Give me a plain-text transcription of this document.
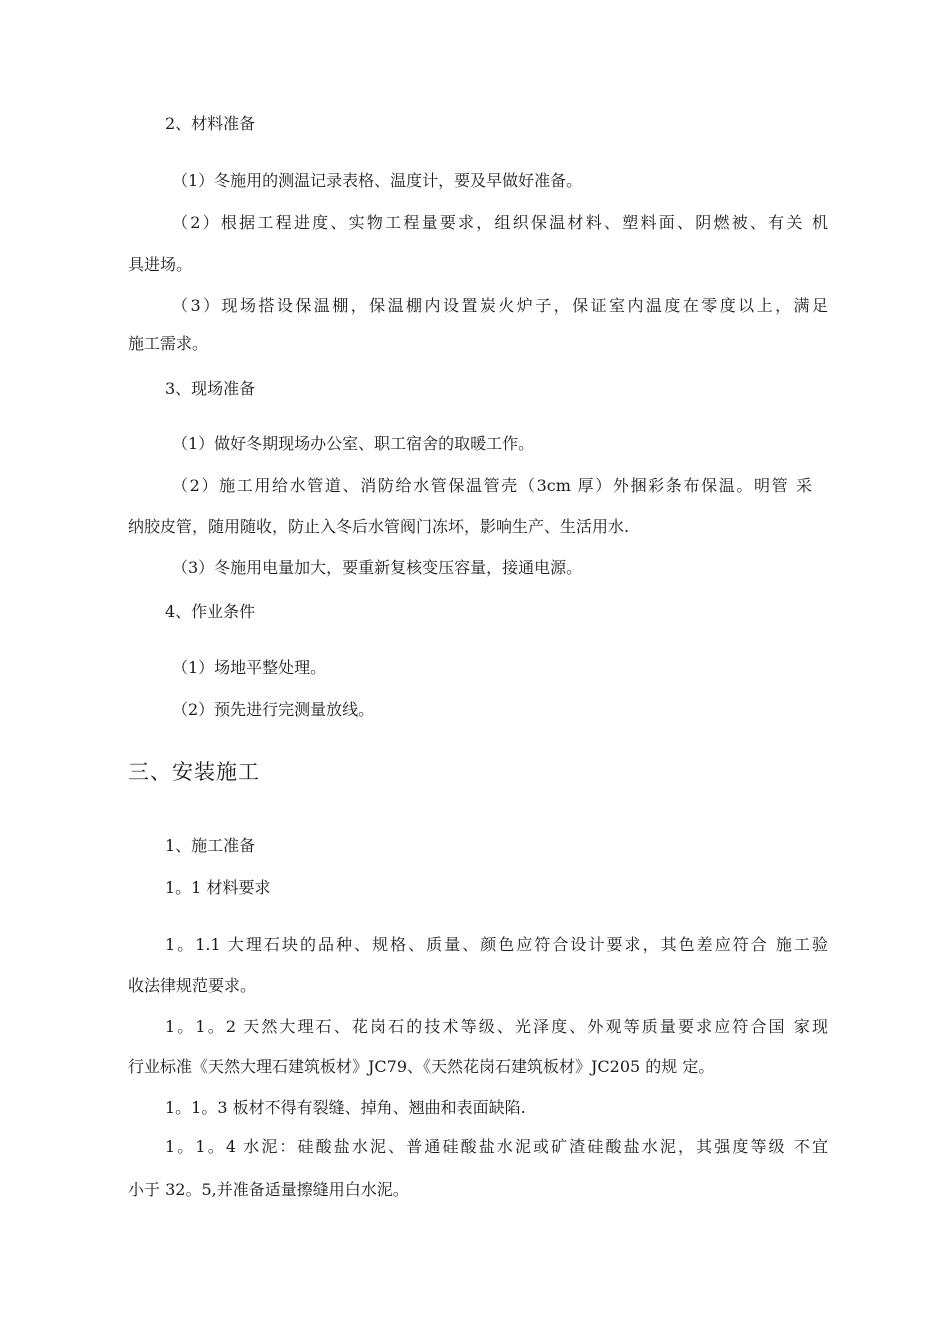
2、材料准备
（1）冬施用的测温记录表格、温度计，要及早做好准备。
（2）根据工程进度、实物工程量要求，组织保温材料、塑料面、阴燃被、有关 机
具进场。
（3）现场搭设保温棚，保温棚内设置炭火炉子，保证室内温度在零度以上，满足
施工需求。
3、现场准备
（1）做好冬期现场办公室、职工宿舍的取暖工作。
（2）施工用给水管道、消防给水管保温管壳（3cm 厚）外捆彩条布保温。明管 采
纳胶皮管，随用随收，防止入冬后水管阀门冻坏，影响生产、生活用水.
（3）冬施用电量加大，要重新复核变压容量，接通电源。
4、作业条件
（1）场地平整处理。
（2）预先进行完测量放线。
三、安装施工
1、施工准备
1。1 材料要求
1。1.1 大理石块的品种、规格、质量、颜色应符合设计要求，其色差应符合 施工验
收法律规范要求。
1。1。2 天然大理石、花岗石的技术等级、光泽度、外观等质量要求应符合国 家现
行业标准《天然大理石建筑板材》JC79、《天然花岗石建筑板材》JC205 的规 定。
1。1。3 板材不得有裂缝、掉角、翘曲和表面缺陷.
1。1。4 水泥：硅酸盐水泥、普通硅酸盐水泥或矿渣硅酸盐水泥，其强度等级 不宜
小于 32。5,并准备适量擦缝用白水泥。
